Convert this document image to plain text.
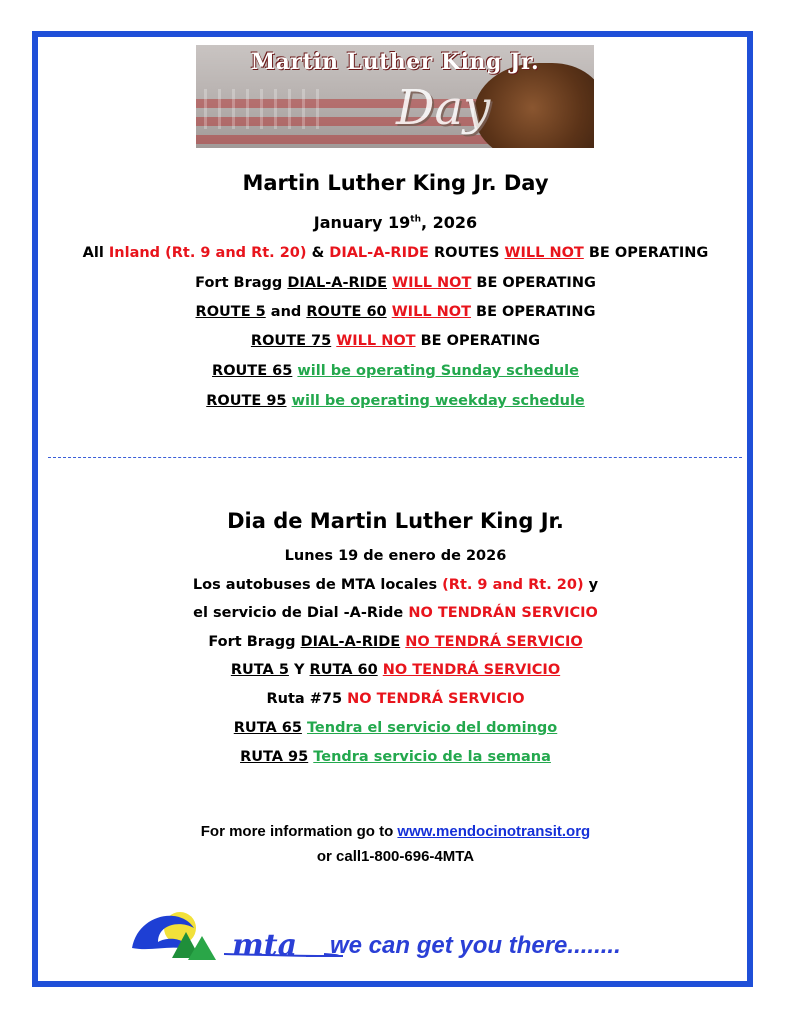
Day
Martin Luther King Jr.
Martin Luther King Jr. Day
January 19th, 2026
All Inland (Rt. 9 and Rt. 20) & DIAL-A-RIDE ROUTES WILL NOT BE OPERATING
Fort Bragg DIAL-A-RIDE WILL NOT BE OPERATING
ROUTE 5 and ROUTE 60 WILL NOT BE OPERATING
ROUTE 75 WILL NOT BE OPERATING
ROUTE 65 will be operating Sunday schedule
ROUTE 95 will be operating weekday schedule
Dia de Martin Luther King Jr.
Lunes 19 de enero de 2026
Los autobuses de MTA locales (Rt. 9 and Rt. 20) y
el servicio de Dial -A-Ride NO TENDRÁN SERVICIO
Fort Bragg DIAL-A-RIDE NO TENDRÁ SERVICIO
RUTA 5 Y RUTA 60 NO TENDRÁ SERVICIO
Ruta #75 NO TENDRÁ SERVICIO
RUTA 65 Tendra el servicio del domingo
RUTA 95 Tendra servicio de la semana
For more information go to www.mendocinotransit.org
or call1-800-696-4MTA
mta we can get you there........
